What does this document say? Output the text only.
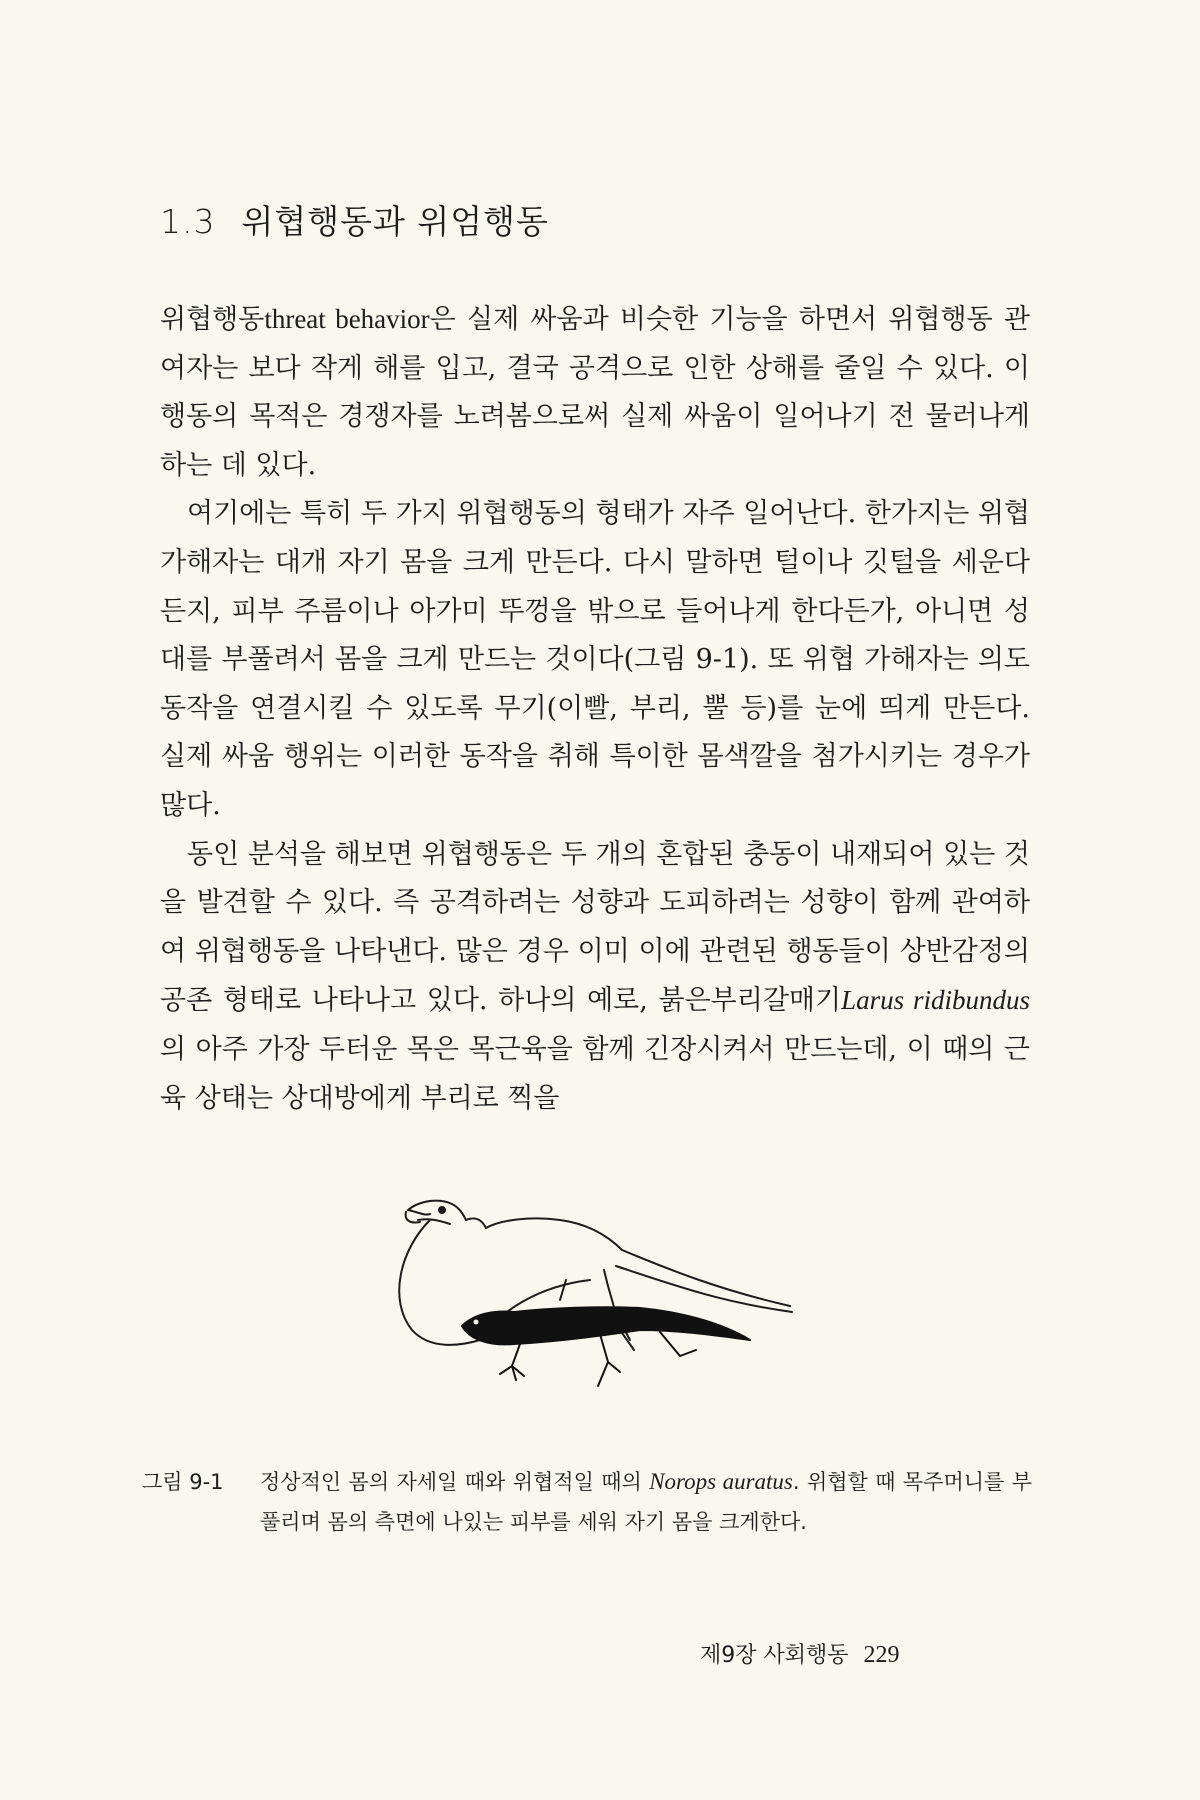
1.3 위협행동과 위엄행동

위협행동threat behavior은 실제 싸움과 비슷한 기능을 하면서 위협행동 관여자는 보다 작게 해를 입고, 결국 공격으로 인한 상해를 줄일 수 있다. 이 행동의 목적은 경쟁자를 노려봄으로써 실제 싸움이 일어나기 전 물러나게 하는 데 있다.

여기에는 특히 두 가지 위협행동의 형태가 자주 일어난다. 한가지는 위협 가해자는 대개 자기 몸을 크게 만든다. 다시 말하면 털이나 깃털을 세운다든지, 피부 주름이나 아가미 뚜껑을 밖으로 들어나게 한다든가, 아니면 성대를 부풀려서 몸을 크게 만드는 것이다(그림 9-1). 또 위협 가해자는 의도 동작을 연결시킬 수 있도록 무기(이빨, 부리, 뿔 등)를 눈에 띄게 만든다. 실제 싸움 행위는 이러한 동작을 취해 특이한 몸색깔을 첨가시키는 경우가 많다.

동인 분석을 해보면 위협행동은 두 개의 혼합된 충동이 내재되어 있는 것을 발견할 수 있다. 즉 공격하려는 성향과 도피하려는 성향이 함께 관여하여 위협행동을 나타낸다. 많은 경우 이미 이에 관련된 행동들이 상반감정의 공존 형태로 나타나고 있다. 하나의 예로, 붉은부리갈매기Larus ridibundus의 아주 가장 두터운 목은 목근육을 함께 긴장시켜서 만드는데, 이 때의 근육 상태는 상대방에게 부리로 찍을

그림 9-1	정상적인 몸의 자세일 때와 위협적일 때의 Norops auratus. 위협할 때 목주머니를 부풀리며 몸의 측면에 나있는 피부를 세워 자기 몸을 크게한다.
제9장 사회행동 229
